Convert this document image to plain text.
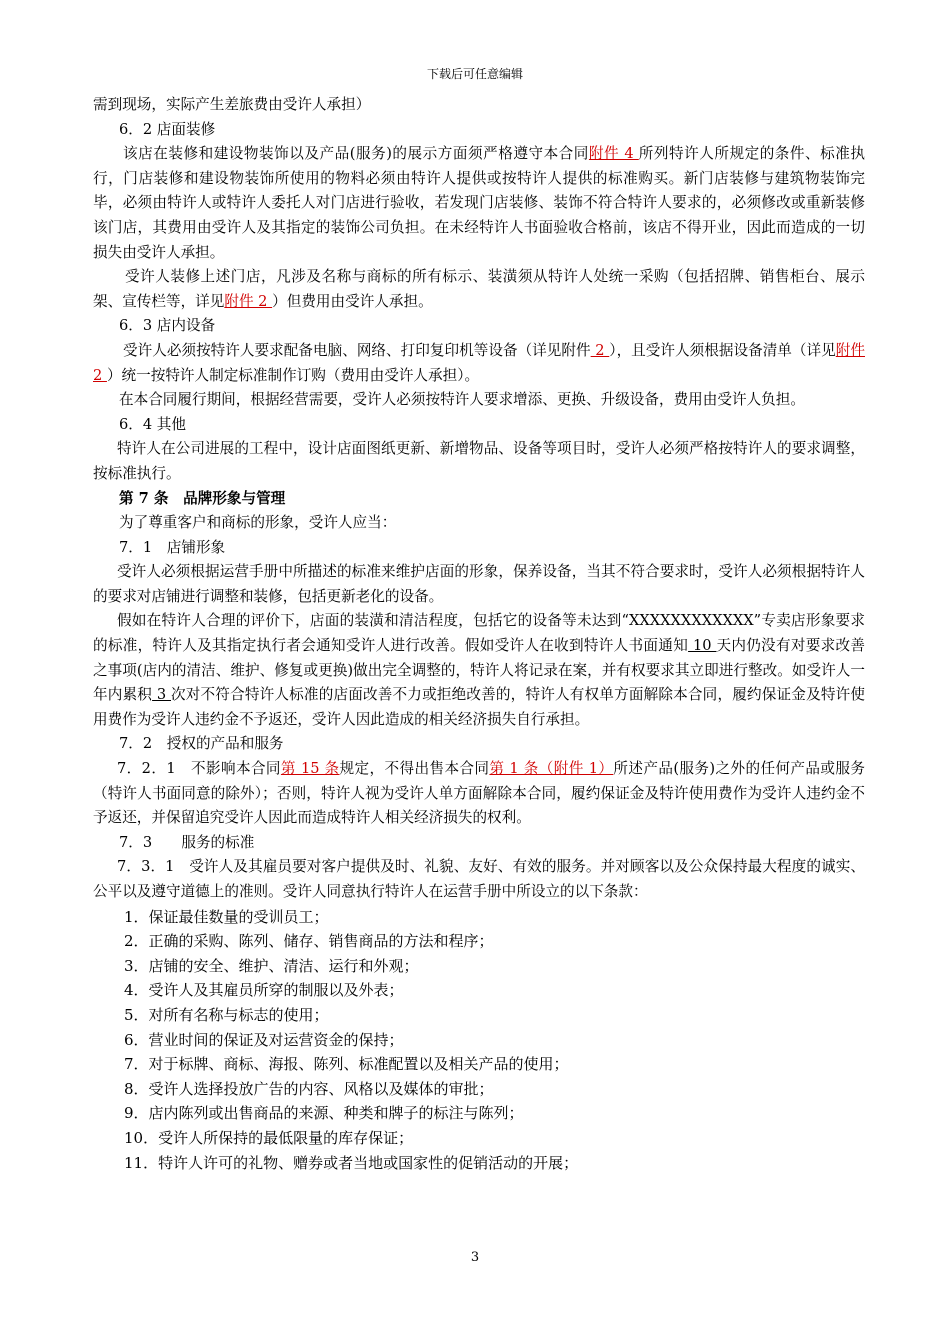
下载后可任意编辑

需到现场，实际产生差旅费由受许人承担）

6．2 店面装修

该店在装修和建设物装饰以及产品(服务)的展示方面须严格遵守本合同附件 4 所列特许人所规定的条件、标准执行，门店装修和建设物装饰所使用的物料必须由特许人提供或按特许人提供的标准购买。新门店装修与建筑物装饰完毕，必须由特许人或特许人委托人对门店进行验收，若发现门店装修、装饰不符合特许人要求的，必须修改或重新装修该门店，其费用由受许人及其指定的装饰公司负担。在未经特许人书面验收合格前，该店不得开业，因此而造成的一切损失由受许人承担。

受许人装修上述门店，凡涉及名称与商标的所有标示、装潢须从特许人处统一采购（包括招牌、销售柜台、展示架、宣传栏等，详见附件 2 ）但费用由受许人承担。

6．3 店内设备

受许人必须按特许人要求配备电脑、网络、打印复印机等设备（详见附件 2 ），且受许人须根据设备清单（详见附件 2 ）统一按特许人制定标准制作订购（费用由受许人承担）。

在本合同履行期间，根据经营需要，受许人必须按特许人要求增添、更换、升级设备，费用由受许人负担。

6．4 其他

特许人在公司进展的工程中，设计店面图纸更新、新增物品、设备等项目时，受许人必须严格按特许人的要求调整，按标准执行。

第 7 条　品牌形象与管理

为了尊重客户和商标的形象，受许人应当：

7．1　店铺形象

受许人必须根据运营手册中所描述的标准来维护店面的形象，保养设备，当其不符合要求时，受许人必须根据特许人的要求对店铺进行调整和装修，包括更新老化的设备。

假如在特许人合理的评价下，店面的装潢和清洁程度，包括它的设备等未达到“XXXXXXXXXXXX”专卖店形象要求的标准，特许人及其指定执行者会通知受许人进行改善。假如受许人在收到特许人书面通知 10 天内仍没有对要求改善之事项(店内的清洁、维护、修复或更换)做出完全调整的，特许人将记录在案，并有权要求其立即进行整改。如受许人一年内累积 3 次对不符合特许人标准的店面改善不力或拒绝改善的，特许人有权单方面解除本合同，履约保证金及特许使用费作为受许人违约金不予返还，受许人因此造成的相关经济损失自行承担。

7．2　授权的产品和服务

7．2．1　不影响本合同第 15 条规定，不得出售本合同第 1 条（附件 1）所述产品(服务)之外的任何产品或服务（特许人书面同意的除外）；否则，特许人视为受许人单方面解除本合同，履约保证金及特许使用费作为受许人违约金不予返还，并保留追究受许人因此而造成特许人相关经济损失的权利。

7．3　　服务的标准

7．3．1　受许人及其雇员要对客户提供及时、礼貌、友好、有效的服务。并对顾客以及公众保持最大程度的诚实、公平以及遵守道德上的准则。受许人同意执行特许人在运营手册中所设立的以下条款：

1．保证最佳数量的受训员工；

2．正确的采购、陈列、储存、销售商品的方法和程序；

3．店铺的安全、维护、清洁、运行和外观；

4．受许人及其雇员所穿的制服以及外表；

5．对所有名称与标志的使用；

6．营业时间的保证及对运营资金的保持；

7．对于标牌、商标、海报、陈列、标准配置以及相关产品的使用；

8．受许人选择投放广告的内容、风格以及媒体的审批；

9．店内陈列或出售商品的来源、种类和牌子的标注与陈列；

10．受许人所保持的最低限量的库存保证；

11．特许人许可的礼物、赠券或者当地或国家性的促销活动的开展；

3
